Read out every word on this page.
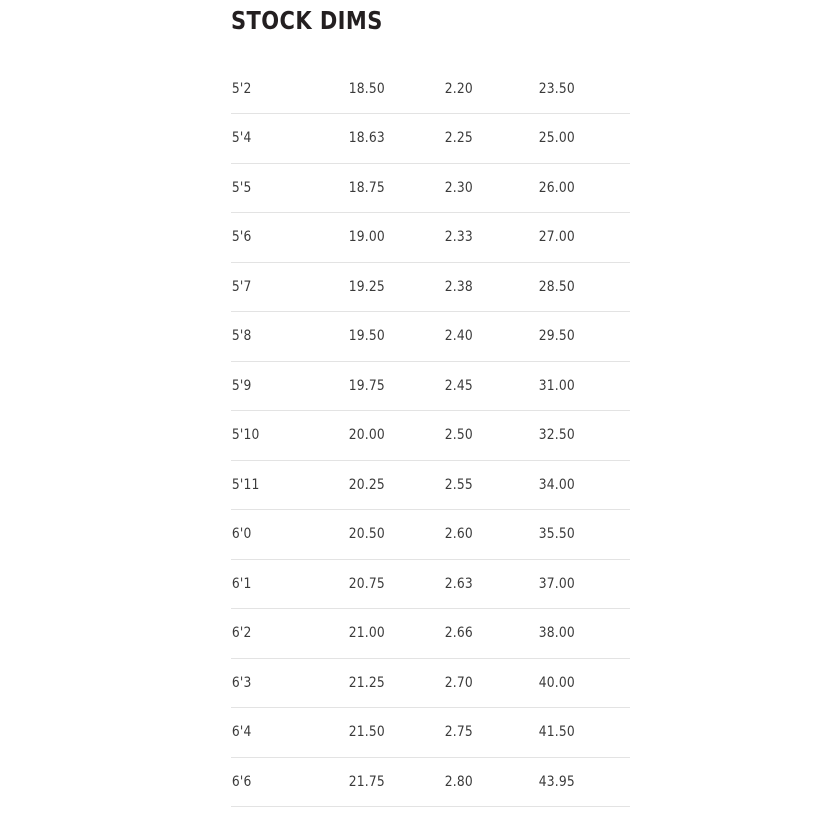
STOCK DIMS
5'2	18.50	2.20	23.50
5'4	18.63	2.25	25.00
5'5	18.75	2.30	26.00
5'6	19.00	2.33	27.00
5'7	19.25	2.38	28.50
5'8	19.50	2.40	29.50
5'9	19.75	2.45	31.00
5'10	20.00	2.50	32.50
5'11	20.25	2.55	34.00
6'0	20.50	2.60	35.50
6'1	20.75	2.63	37.00
6'2	21.00	2.66	38.00
6'3	21.25	2.70	40.00
6'4	21.50	2.75	41.50
6'6	21.75	2.80	43.95
